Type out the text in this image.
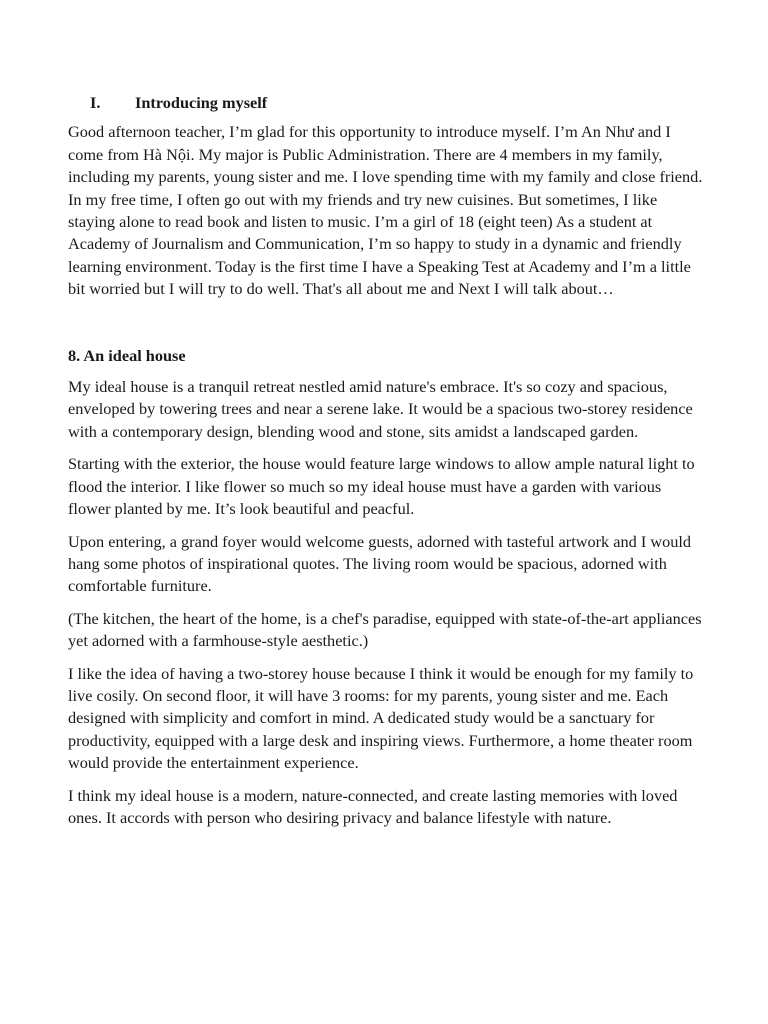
I.	Introducing myself

Good afternoon teacher, I’m glad for this opportunity to introduce myself. I’m An Như and I come from Hà Nội. My major is Public Administration. There are 4 members in my family, including my parents, young sister and me. I love spending time with my family and close friend. In my free time, I often go out with my friends and try new cuisines. But sometimes, I like staying alone to read book and listen to music. I’m a girl of 18 (eight teen) As a student at Academy of Journalism and Communication, I’m so happy to study in a dynamic and friendly learning environment. Today is the first time I have a Speaking Test at Academy and I’m a little bit worried but I will try to do well. That's all about me and Next I will talk about…

8. An ideal house

My ideal house is a tranquil retreat nestled amid nature's embrace. It's so cozy and spacious, enveloped by towering trees and near a serene lake. It would be a spacious two-storey residence with a contemporary design, blending wood and stone, sits amidst a landscaped garden.

Starting with the exterior, the house would feature large windows to allow ample natural light to flood the interior. I like flower so much so my ideal house must have a garden with various flower planted by me. It’s look beautiful and peacful.

Upon entering, a grand foyer would welcome guests, adorned with tasteful artwork and I would hang some photos of inspirational quotes. The living room would be spacious, adorned with comfortable furniture.

(The kitchen, the heart of the home, is a chef's paradise, equipped with state-of-the-art appliances yet adorned with a farmhouse-style aesthetic.)

I like the idea of having a two-storey house because I think it would be enough for my family to live cosily. On second floor, it will have 3 rooms: for my parents, young sister and me. Each designed with simplicity and comfort in mind. A dedicated study would be a sanctuary for productivity, equipped with a large desk and inspiring views. Furthermore, a home theater room would provide the entertainment experience.

I think my ideal house is a modern, nature-connected, and create lasting memories with loved ones. It accords with person who desiring privacy and balance lifestyle with nature.
